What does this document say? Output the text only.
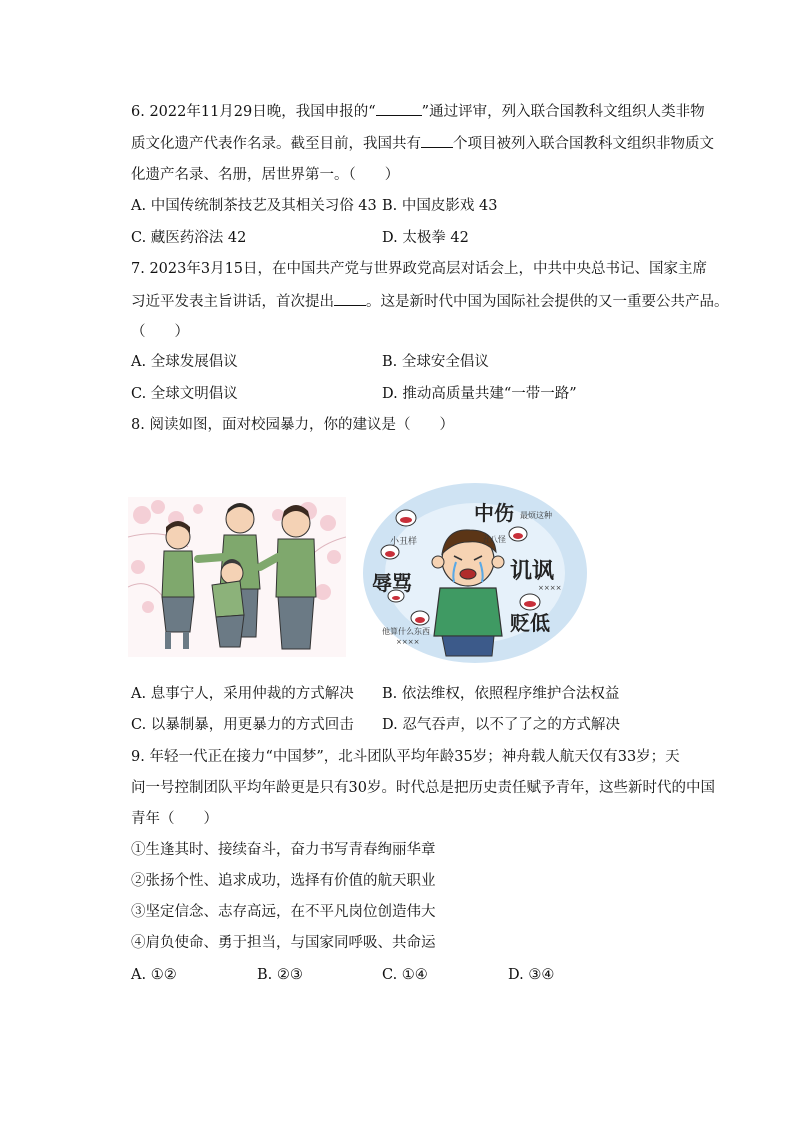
6. 2022年11月29日晚，我国申报的“	”通过评审，列入联合国教科文组织人类非物
质文化遗产代表作名录。截至目前，我国共有 个项目被列入联合国教科文组织非物质文
化遗产名录、名册，居世界第一。（　　）
A. 中国传统制茶技艺及其相关习俗 43 B. 中国皮影戏 43
C. 藏医药浴法 42	D. 太极拳 42
7. 2023年3月15日，在中国共产党与世界政党高层对话会上，中共中央总书记、国家主席
习近平发表主旨讲话，首次提出 。这是新时代中国为国际社会提供的又一重要公共产品。
（　　）
A. 全球发展倡议	B. 全球安全倡议
C. 全球文明倡议	D. 推动高质量共建“一带一路”
8. 阅读如图，面对校园暴力，你的建议是（　　）
中伤 最烦这种
小丑样	丑八怪
讥讽
辱骂
贬低
他算什么东西
××××
××××
A. 息事宁人，采用仲裁的方式解决 B. 依法维权，依照程序维护合法权益
C. 以暴制暴，用更暴力的方式回击 D. 忍气吞声，以不了了之的方式解决
9. 年轻一代正在接力“中国梦”，北斗团队平均年龄35岁；神舟载人航天仅有33岁；天
问一号控制团队平均年龄更是只有30岁。时代总是把历史责任赋予青年，这些新时代的中国
青年（　　）
①生逢其时、接续奋斗，奋力书写青春绚丽华章
②张扬个性、追求成功，选择有价值的航天职业
③坚定信念、志存高远，在不平凡岗位创造伟大
④肩负使命、勇于担当，与国家同呼吸、共命运
A. ①②	B. ②③	C. ①④	D. ③④
